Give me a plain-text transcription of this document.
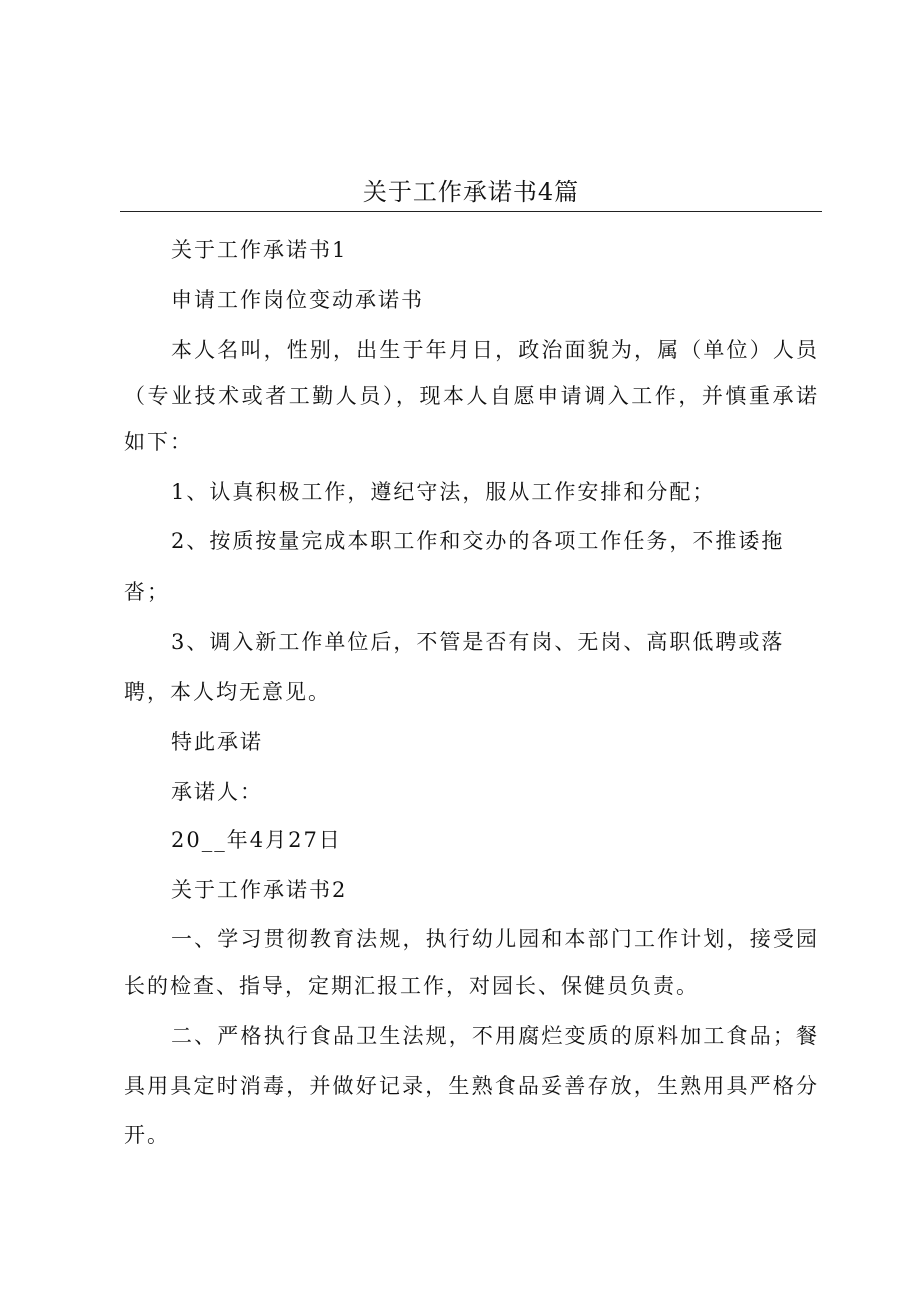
关于工作承诺书4篇
关于工作承诺书1
申请工作岗位变动承诺书
本人名叫，性别，出生于年月日，政治面貌为，属（单位）人员
（专业技术或者工勤人员），现本人自愿申请调入工作，并慎重承诺
如下：
1、认真积极工作，遵纪守法，服从工作安排和分配；
2、按质按量完成本职工作和交办的各项工作任务，不推诿拖
沓；
3、调入新工作单位后，不管是否有岗、无岗、高职低聘或落
聘，本人均无意见。
特此承诺
承诺人：
20__年4月27日
关于工作承诺书2
一、学习贯彻教育法规，执行幼儿园和本部门工作计划，接受园
长的检查、指导，定期汇报工作，对园长、保健员负责。
二、严格执行食品卫生法规，不用腐烂变质的原料加工食品；餐
具用具定时消毒，并做好记录，生熟食品妥善存放，生熟用具严格分
开。
